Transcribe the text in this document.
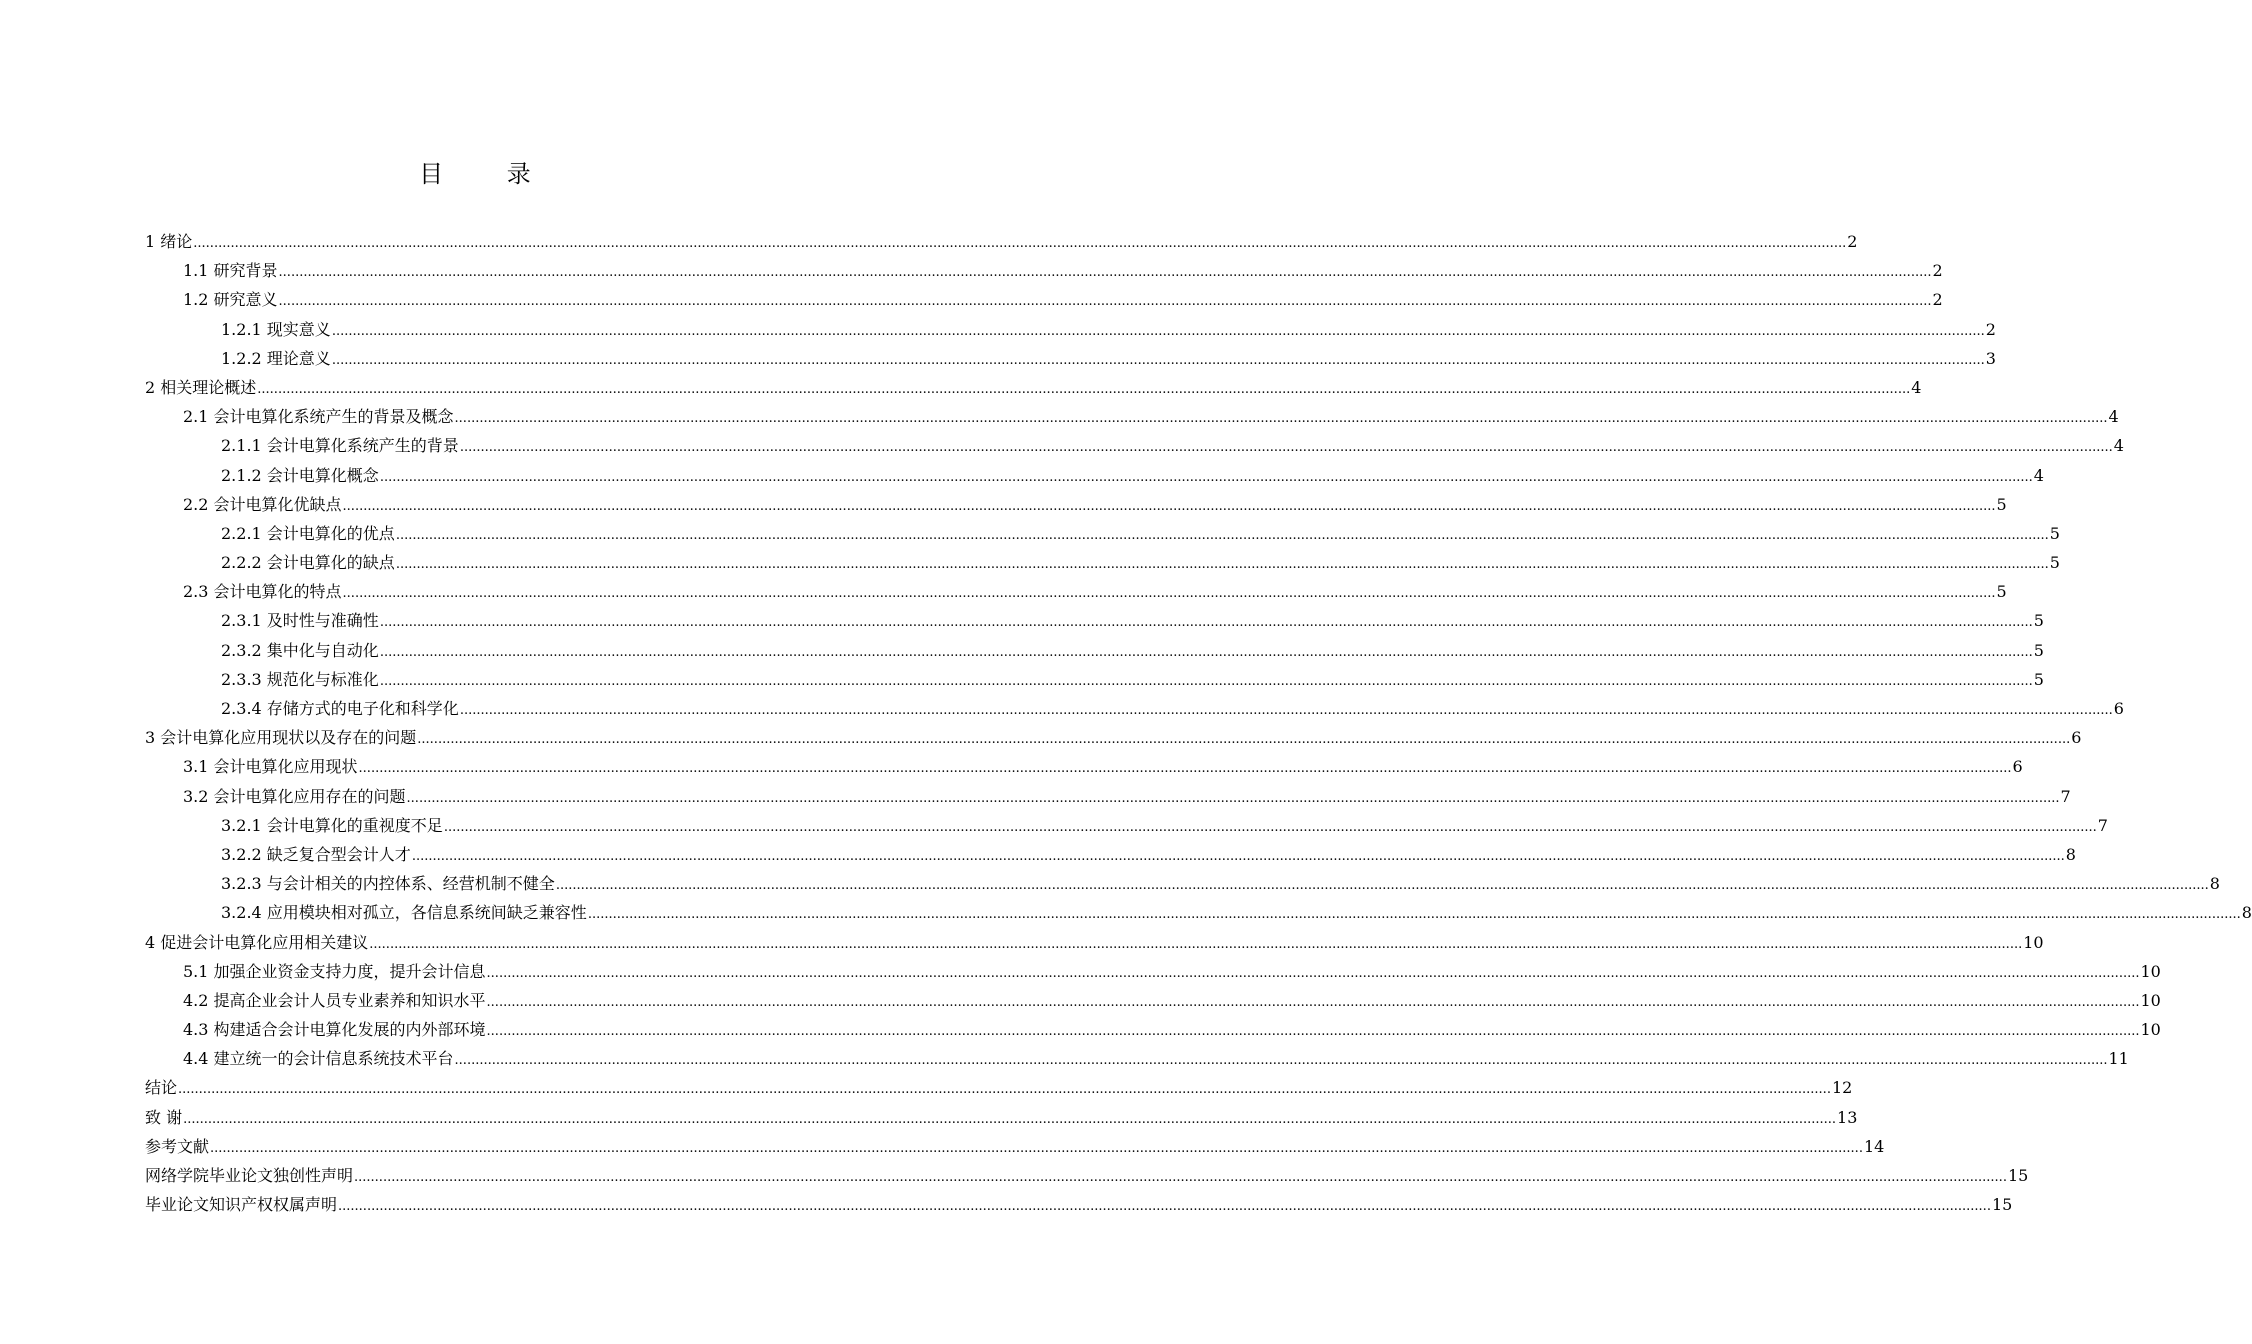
目 录
1 绪论 ................................................................................................................................................................................................................................................................................................................................................................................................................ 2
1.1 研究背景 ................................................................................................................................................................................................................................................................................................................................................................................................................ 2
1.2 研究意义 ................................................................................................................................................................................................................................................................................................................................................................................................................ 2
1.2.1 现实意义 ................................................................................................................................................................................................................................................................................................................................................................................................................ 2
1.2.2 理论意义 ................................................................................................................................................................................................................................................................................................................................................................................................................ 3
2 相关理论概述 ................................................................................................................................................................................................................................................................................................................................................................................................................ 4
2.1 会计电算化系统产生的背景及概念 ................................................................................................................................................................................................................................................................................................................................................................................................................ 4
2.1.1 会计电算化系统产生的背景 ................................................................................................................................................................................................................................................................................................................................................................................................................ 4
2.1.2 会计电算化概念 ................................................................................................................................................................................................................................................................................................................................................................................................................ 4
2.2 会计电算化优缺点 ................................................................................................................................................................................................................................................................................................................................................................................................................ 5
2.2.1 会计电算化的优点 ................................................................................................................................................................................................................................................................................................................................................................................................................ 5
2.2.2 会计电算化的缺点 ................................................................................................................................................................................................................................................................................................................................................................................................................ 5
2.3 会计电算化的特点 ................................................................................................................................................................................................................................................................................................................................................................................................................ 5
2.3.1 及时性与准确性 ................................................................................................................................................................................................................................................................................................................................................................................................................ 5
2.3.2 集中化与自动化 ................................................................................................................................................................................................................................................................................................................................................................................................................ 5
2.3.3 规范化与标准化 ................................................................................................................................................................................................................................................................................................................................................................................................................ 5
2.3.4 存储方式的电子化和科学化 ................................................................................................................................................................................................................................................................................................................................................................................................................ 6
3 会计电算化应用现状以及存在的问题 ................................................................................................................................................................................................................................................................................................................................................................................................................ 6
3.1 会计电算化应用现状 ................................................................................................................................................................................................................................................................................................................................................................................................................ 6
3.2 会计电算化应用存在的问题 ................................................................................................................................................................................................................................................................................................................................................................................................................ 7
3.2.1 会计电算化的重视度不足 ................................................................................................................................................................................................................................................................................................................................................................................................................ 7
3.2.2 缺乏复合型会计人才 ................................................................................................................................................................................................................................................................................................................................................................................................................ 8
3.2.3 与会计相关的内控体系、经营机制不健全 ................................................................................................................................................................................................................................................................................................................................................................................................................ 8
3.2.4 应用模块相对孤立，各信息系统间缺乏兼容性 ................................................................................................................................................................................................................................................................................................................................................................................................................ 8
4 促进会计电算化应用相关建议 ................................................................................................................................................................................................................................................................................................................................................................................................................ 10
5.1 加强企业资金支持力度，提升会计信息 ................................................................................................................................................................................................................................................................................................................................................................................................................ 10
4.2 提高企业会计人员专业素养和知识水平 ................................................................................................................................................................................................................................................................................................................................................................................................................ 10
4.3 构建适合会计电算化发展的内外部环境 ................................................................................................................................................................................................................................................................................................................................................................................................................ 10
4.4 建立统一的会计信息系统技术平台 ................................................................................................................................................................................................................................................................................................................................................................................................................ 11
结论 ................................................................................................................................................................................................................................................................................................................................................................................................................ 12
致 谢 ................................................................................................................................................................................................................................................................................................................................................................................................................ 13
参考文献 ................................................................................................................................................................................................................................................................................................................................................................................................................ 14
网络学院毕业论文独创性声明 ................................................................................................................................................................................................................................................................................................................................................................................................................ 15
毕业论文知识产权权属声明 ................................................................................................................................................................................................................................................................................................................................................................................................................ 15
